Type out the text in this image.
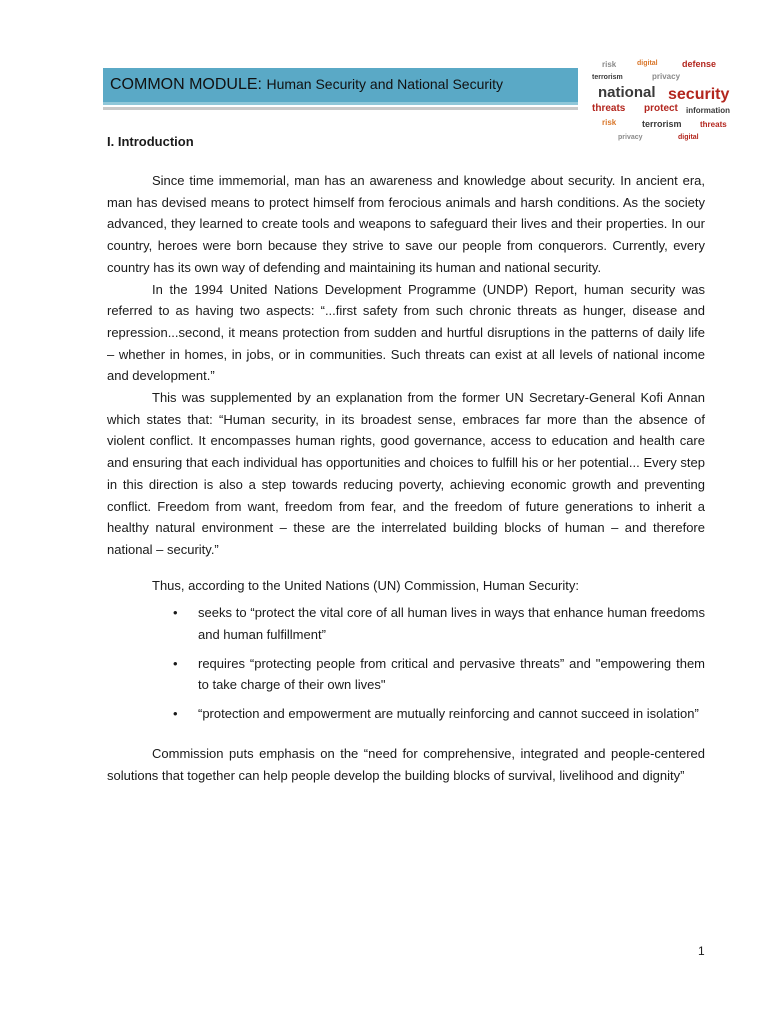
COMMON MODULE: Human Security and National Security
risk	digital	defense
terrorism	privacy
national security
threats protect information
risk	terrorism threats
privacy	digital
I. Introduction

Since time immemorial, man has an awareness and knowledge about security. In ancient era, man has devised means to protect himself from ferocious animals and harsh conditions. As the society advanced, they learned to create tools and weapons to safeguard their lives and their properties. In our country, heroes were born because they strive to save our people from conquerors. Currently, every country has its own way of defending and maintaining its human and national security.

In the 1994 United Nations Development Programme (UNDP) Report, human security was referred to as having two aspects: “...first safety from such chronic threats as hunger, disease and repression...second, it means protection from sudden and hurtful disruptions in the patterns of daily life – whether in homes, in jobs, or in communities. Such threats can exist at all levels of national income and development.”

This was supplemented by an explanation from the former UN Secretary-General Kofi Annan which states that: “Human security, in its broadest sense, embraces far more than the absence of violent conflict. It encompasses human rights, good governance, access to education and health care and ensuring that each individual has opportunities and choices to fulfill his or her potential... Every step in this direction is also a step towards reducing poverty, achieving economic growth and preventing conflict. Freedom from want, freedom from fear, and the freedom of future generations to inherit a healthy natural environment – these are the interrelated building blocks of human – and therefore national – security.”

Thus, according to the United Nations (UN) Commission, Human Security:

• seeks to “protect the vital core of all human lives in ways that enhance human freedoms and human fulfillment”
• requires “protecting people from critical and pervasive threats” and "empowering them to take charge of their own lives"
• “protection and empowerment are mutually reinforcing and cannot succeed in isolation”

Commission puts emphasis on the “need for comprehensive, integrated and people-centered solutions that together can help people develop the building blocks of survival, livelihood and dignity”

1
